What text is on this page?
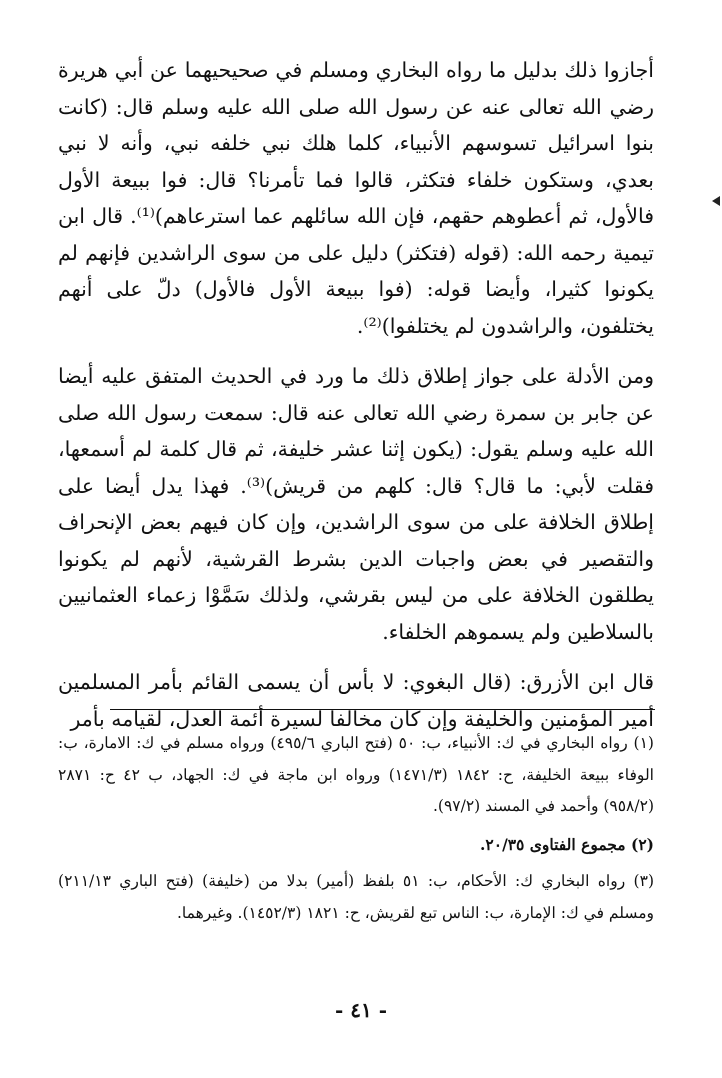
أجازوا ذلك بدليل ما رواه البخاري ومسلم في صحيحيهما عن أبي هريرة رضي الله تعالى عنه عن رسول الله صلى الله عليه وسلم قال: (كانت بنوا اسرائيل تسوسهم الأنبياء، كلما هلك نبي خلفه نبي، وأنه لا نبي بعدي، وستكون خلفاء فتكثر، قالوا فما تأمرنا؟ قال: فوا ببيعة الأول فالأول، ثم أعطوهم حقهم، فإن الله سائلهم عما استرعاهم)⁽¹⁾. قال ابن تيمية رحمه الله: (قوله (فتكثر) دليل على من سوى الراشدين فإنهم لم يكونوا كثيرا، وأيضا قوله: (فوا ببيعة الأول فالأول) دلّ على أنهم يختلفون، والراشدون لم يختلفوا)⁽²⁾.

ومن الأدلة على جواز إطلاق ذلك ما ورد في الحديث المتفق عليه أيضا عن جابر بن سمرة رضي الله تعالى عنه قال: سمعت رسول الله صلى الله عليه وسلم يقول: (يكون إثنا عشر خليفة، ثم قال كلمة لم أسمعها، فقلت لأبي: ما قال؟ قال: كلهم من قريش)⁽³⁾. فهذا يدل أيضا على إطلاق الخلافة على من سوى الراشدين، وإن كان فيهم بعض الإنحراف والتقصير في بعض واجبات الدين بشرط القرشية، لأنهم لم يكونوا يطلقون الخلافة على من ليس بقرشي، ولذلك سَمَّوْا زعماء العثمانيين بالسلاطين ولم يسموهم الخلفاء.

قال ابن الأزرق: (قال البغوي: لا بأس أن يسمى القائم بأمر المسلمين أمير المؤمنين والخليفة وإن كان مخالفا لسيرة أئمة العدل، لقيامه بأمر

(١) رواه البخاري في ك: الأنبياء، ب: ٥٠ (فتح الباري ٤٩٥/٦) ورواه مسلم في ك: الامارة، ب: الوفاء ببيعة الخليفة، ح: ١٨٤٢ (١٤٧١/٣) ورواه ابن ماجة في ك: الجهاد، ب ٤٢ ح: ٢٨٧١ (٩٥٨/٢) وأحمد في المسند (٩٧/٢).

(٢) مجموع الفتاوى ٢٠/٣٥.

(٣) رواه البخاري ك: الأحكام، ب: ٥١ بلفظ (أمير) بدلا من (خليفة) (فتح الباري ٢١١/١٣) ومسلم في ك: الإمارة، ب: الناس تبع لقريش، ح: ١٨٢١ (١٤٥٢/٣). وغيرهما.

- ٤١ -
